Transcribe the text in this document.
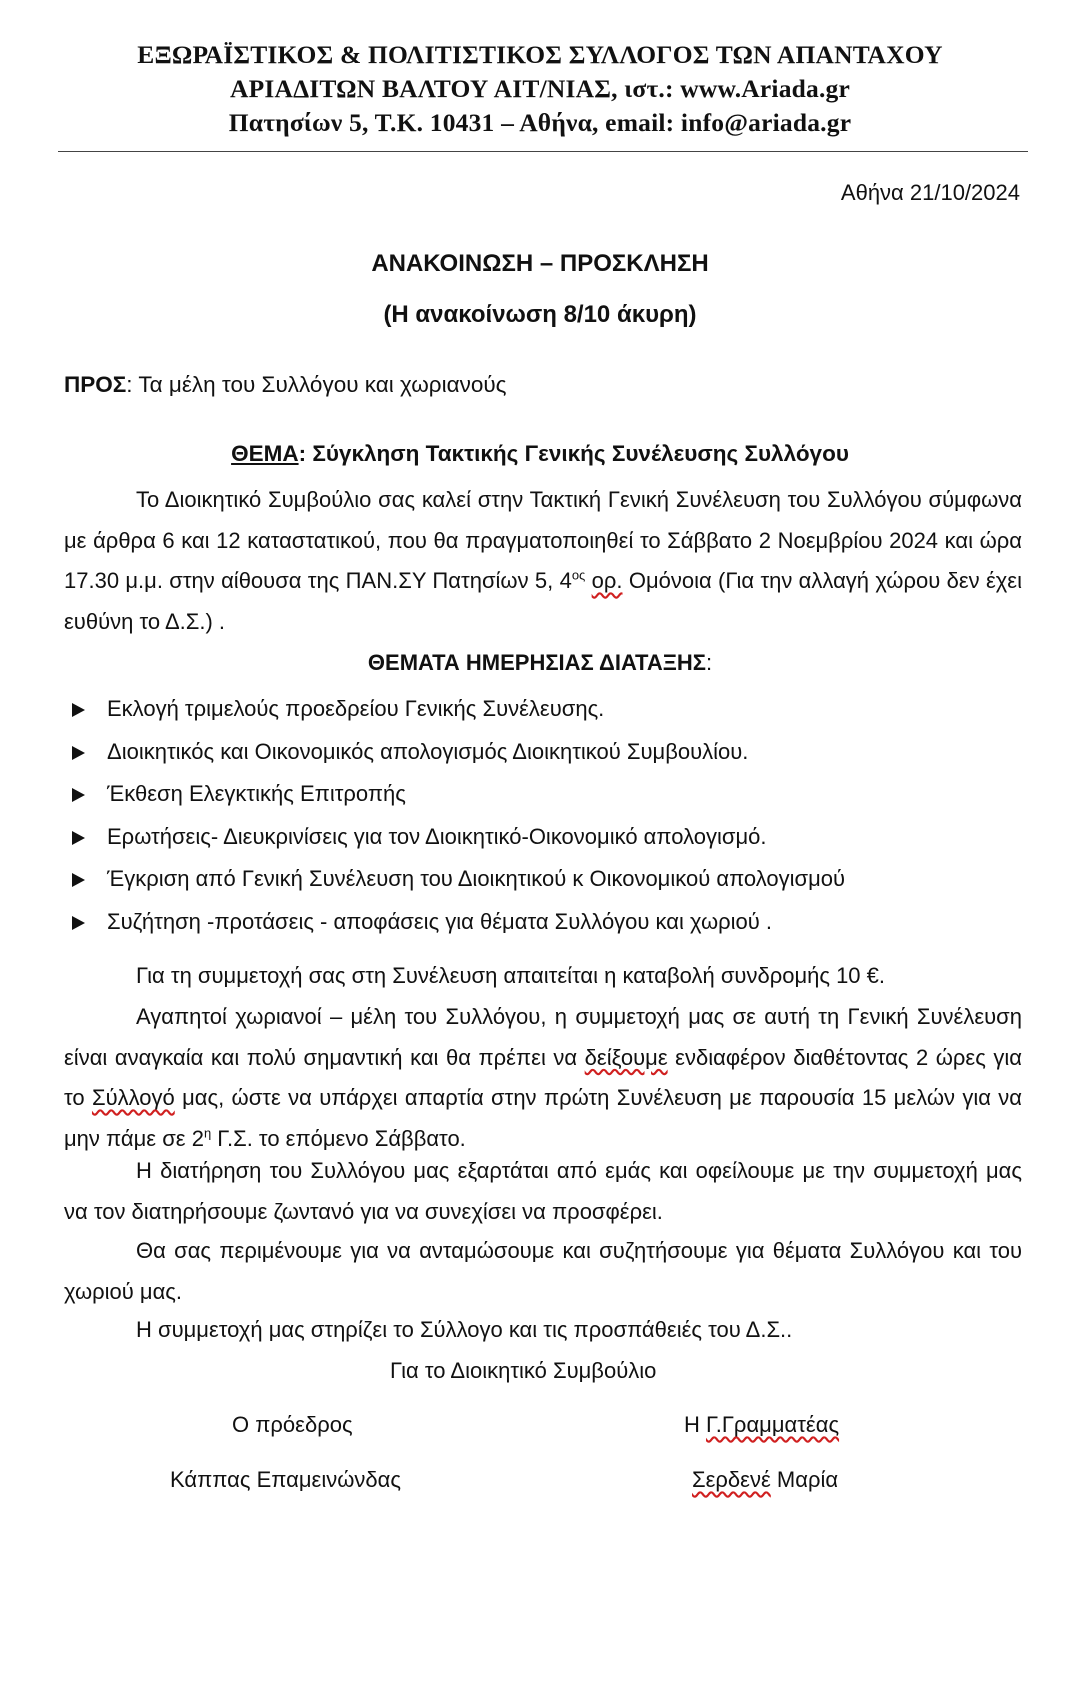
ΕΞΩΡΑΪΣΤΙΚΟΣ & ΠΟΛΙΤΙΣΤΙΚΟΣ ΣΥΛΛΟΓΟΣ ΤΩΝ ΑΠΑΝΤΑΧΟΥ
ΑΡΙΑΔΙΤΩΝ ΒΑΛΤΟΥ ΑΙΤ/ΝΙΑΣ, ιστ.: www.Ariada.gr
Πατησίων 5, Τ.Κ. 10431 – Αθήνα, email: info@ariada.gr
Αθήνα 21/10/2024
ΑΝΑΚΟΙΝΩΣΗ – ΠΡΟΣΚΛΗΣΗ
(Η ανακοίνωση 8/10 άκυρη)
ΠΡΟΣ: Τα μέλη του Συλλόγου και χωριανούς
ΘΕΜΑ: Σύγκληση Τακτικής Γενικής Συνέλευσης Συλλόγου
Το Διοικητικό Συμβούλιο σας καλεί στην Τακτική Γενική Συνέλευση του Συλλόγου σύμφωνα με άρθρα 6 και 12 καταστατικού, που θα πραγματοποιηθεί το Σάββατο 2 Νοεμβρίου 2024 και ώρα 17.30 μ.μ. στην αίθουσα της ΠΑΝ.ΣΥ Πατησίων 5, $4^{o\varsigma}$ ορ. Ομόνοια (Για την αλλαγή χώρου δεν έχει ευθύνη το Δ.Σ.) .
ΘΕΜΑΤΑ ΗΜΕΡΗΣΙΑΣ ΔΙΑΤΑΞΗΣ:
Εκλογή τριμελούς προεδρείου Γενικής Συνέλευσης.
Διοικητικός και Οικονομικός απολογισμός Διοικητικού Συμβουλίου.
Έκθεση Ελεγκτικής Επιτροπής
Ερωτήσεις- Διευκρινίσεις για τον Διοικητικό-Οικονομικό απολογισμό.
Έγκριση από Γενική Συνέλευση του Διοικητικού κ Οικονομικού απολογισμού
Συζήτηση -προτάσεις - αποφάσεις για θέματα Συλλόγου και χωριού .
Για τη συμμετοχή σας στη Συνέλευση απαιτείται η καταβολή συνδρομής 10 €.
Αγαπητοί χωριανοί – μέλη του Συλλόγου, η συμμετοχή μας σε αυτή τη Γενική Συνέλευση είναι αναγκαία και πολύ σημαντική και θα πρέπει να δείξουμε ενδιαφέρον διαθέτοντας 2 ώρες για το Σύλλογό μας, ώστε να υπάρχει απαρτία στην πρώτη Συνέλευση με παρουσία 15 μελών για να μην πάμε σε $2^\eta$ Γ.Σ. το επόμενο Σάββατο.
Η διατήρηση του Συλλόγου μας εξαρτάται από εμάς και οφείλουμε με την συμμετοχή μας να τον διατηρήσουμε ζωντανό για να συνεχίσει να προσφέρει.
Θα σας περιμένουμε για να ανταμώσουμε και συζητήσουμε για θέματα Συλλόγου και του χωριού μας.
Η συμμετοχή μας στηρίζει το Σύλλογο και τις προσπάθειές του Δ.Σ..
Για το Διοικητικό Συμβούλιο
Ο πρόεδρος
Κάππας Επαμεινώνδας
Η Γ.Γραμματέας
Σερδενέ Μαρία
